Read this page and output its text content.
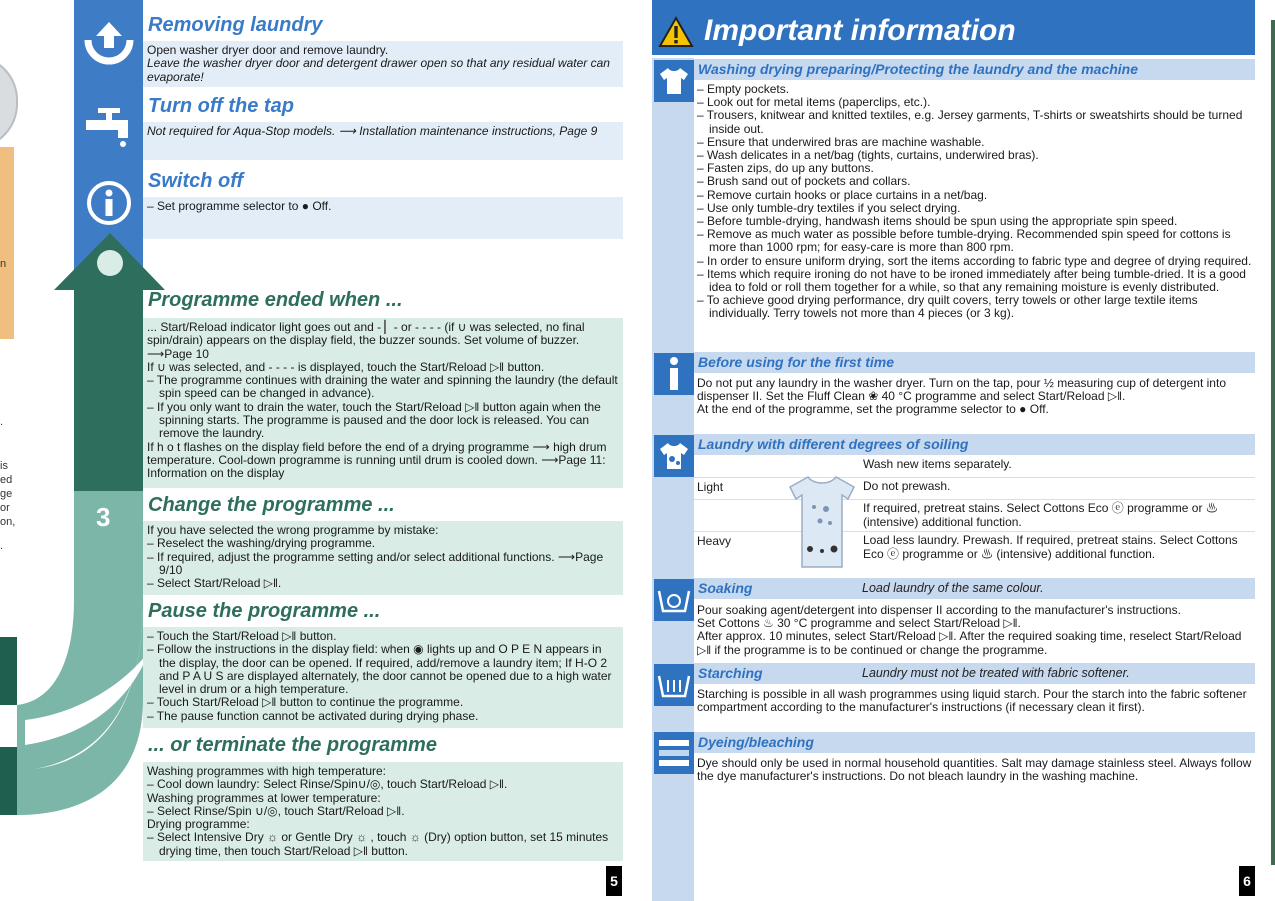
n
.
is
ed
ge
or
on,
.
3
Removing laundry

Open washer dryer door and remove laundry.

Leave the washer dryer door and detergent drawer open so that any residual water can evaporate!

Turn off the tap

Not required for Aqua-Stop models. ⟶ Installation maintenance instructions, Page 9

Switch off

– Set programme selector to ● Off.

Programme ended when ...

... Start/Reload indicator light goes out and - ▏- or - - - - (if ∪ was selected, no final spin/drain) appears on the display field, the buzzer sounds. Set volume of buzzer. ⟶Page 10

If ∪ was selected, and - - - - is displayed, touch the Start/Reload ▷‖ button.

– The programme continues with draining the water and spinning the laundry (the default spin speed can be changed in advance).

– If you only want to drain the water, touch the Start/Reload ▷‖ button again when the spinning starts. The programme is paused and the door lock is released. You can remove the laundry.

If h o t flashes on the display field before the end of a drying programme ⟶ high drum temperature. Cool-down programme is running until drum is cooled down. ⟶Page 11: Information on the display

Change the programme ...

If you have selected the wrong programme by mistake:

– Reselect the washing/drying programme.

– If required, adjust the programme setting and/or select additional functions. ⟶Page 9/10

– Select Start/Reload ▷‖.

Pause the programme ...

– Touch the Start/Reload ▷‖ button.

– Follow the instructions in the display field: when ◉ lights up and O P E N appears in the display, the door can be opened. If required, add/remove a laundry item; If H-O 2 and P A U S are displayed alternately, the door cannot be opened due to a high water level in drum or a high temperature.

– Touch Start/Reload ▷‖ button to continue the programme.

– The pause function cannot be activated during drying phase.

... or terminate the programme

Washing programmes with high temperature:

– Cool down laundry: Select Rinse/Spin∪/◎, touch Start/Reload ▷‖.

Washing programmes at lower temperature:

– Select Rinse/Spin ∪/◎, touch Start/Reload ▷‖.

Drying programme:

– Select Intensive Dry ☼ or Gentle Dry ☼ , touch ☼ (Dry) option button, set 15 minutes drying time, then touch Start/Reload ▷‖ button.

5
Important information
Washing drying preparing/Protecting the laundry and the machine

– Empty pockets.

– Look out for metal items (paperclips, etc.).

– Trousers, knitwear and knitted textiles, e.g. Jersey garments, T-shirts or sweatshirts should be turned inside out.

– Ensure that underwired bras are machine washable.

– Wash delicates in a net/bag (tights, curtains, underwired bras).

– Fasten zips, do up any buttons.

– Brush sand out of pockets and collars.

– Remove curtain hooks or place curtains in a net/bag.

– Use only tumble-dry textiles if you select drying.

– Before tumble-drying, handwash items should be spun using the appropriate spin speed.

– Remove as much water as possible before tumble-drying. Recommended spin speed for cottons is more than 1000 rpm; for easy-care is more than 800 rpm.

– In order to ensure uniform drying, sort the items according to fabric type and degree of drying required.

– Items which require ironing do not have to be ironed immediately after being tumble-dried. It is a good idea to fold or roll them together for a while, so that any remaining moisture is evenly distributed.

– To achieve good drying performance, dry quilt covers, terry towels or other large textile items individually. Terry towels not more than 4 pieces (or 3 kg).

Before using for the first time

Do not put any laundry in the washer dryer. Turn on the tap, pour ½ measuring cup of detergent into dispenser II. Set the Fluff Clean ❀ 40 °C programme and select Start/Reload ▷‖.

At the end of the programme, set the programme selector to ● Off.

Laundry with different degrees of soiling
Wash new items separately.
Light	Do not prewash.
If required, pretreat stains. Select Cottons Eco ⓔ programme or ♨ (intensive) additional function.
Heavy	Load less laundry. Prewash. If required, pretreat stains. Select Cottons Eco ⓔ programme or ♨ (intensive) additional function.
Soaking	Load laundry of the same colour.

Pour soaking agent/detergent into dispenser II according to the manufacturer's instructions.

Set Cottons ♨ 30 °C programme and select Start/Reload ▷‖.

After approx. 10 minutes, select Start/Reload ▷‖. After the required soaking time, reselect Start/Reload ▷‖ if the programme is to be continued or change the programme.

Starching	Laundry must not be treated with fabric softener.
Starching is possible in all wash programmes using liquid starch. Pour the starch into the fabric softener compartment according to the manufacturer's instructions (if necessary clean it first).
Dyeing/bleaching
Dye should only be used in normal household quantities. Salt may damage stainless steel. Always follow the dye manufacturer's instructions. Do not bleach laundry in the washing machine.
6
